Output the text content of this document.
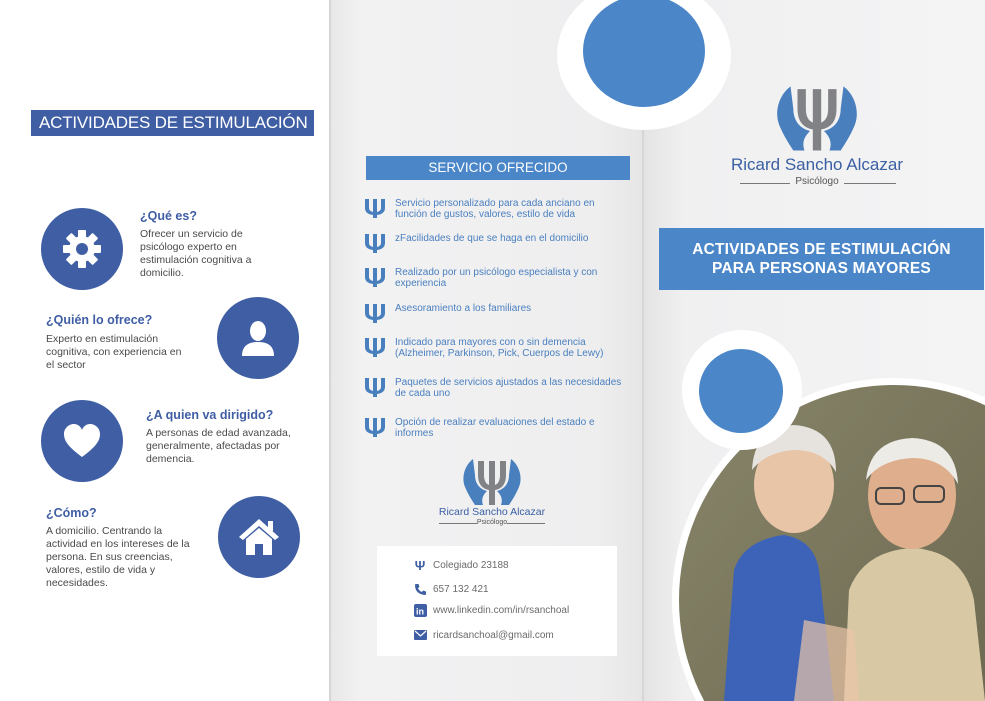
ACTIVIDADES DE ESTIMULACIÓN
¿Qué es?
Ofrecer un servicio de
psicólogo experto en
estimulación cognitiva a
domicilio.
¿Quién lo ofrece?
Experto en estimulación
cognitiva, con experiencia en
el sector
¿A quien va dirigido?
A personas de edad avanzada,
generalmente, afectadas por
demencia.
¿Cómo?
A domicilio. Centrando la
actividad en los intereses de la
persona. En sus creencias,
valores, estilo de vida y
necesidades.
SERVICIO OFRECIDO
Servicio personalizado para cada anciano en
función de gustos, valores, estilo de vida
zFacilidades de que se haga en el domicilio
Realizado por un psicólogo especialista y con
experiencia
Asesoramiento a los familiares
Indicado para mayores con o sin demencia
(Alzheimer, Parkinson, Pick, Cuerpos de Lewy)
Paquetes de servicios ajustados a las necesidades
de cada uno
Opción de realizar evaluaciones del estado e
informes
Ricard Sancho Alcazar
Psicólogo
Ψ Colegiado 23188
657 132 421
in www.linkedin.com/in/rsanchoal
ricardsanchoal@gmail.com
Ricard Sancho Alcazar
Psicólogo
ACTIVIDADES DE ESTIMULACIÓN
PARA PERSONAS MAYORES
